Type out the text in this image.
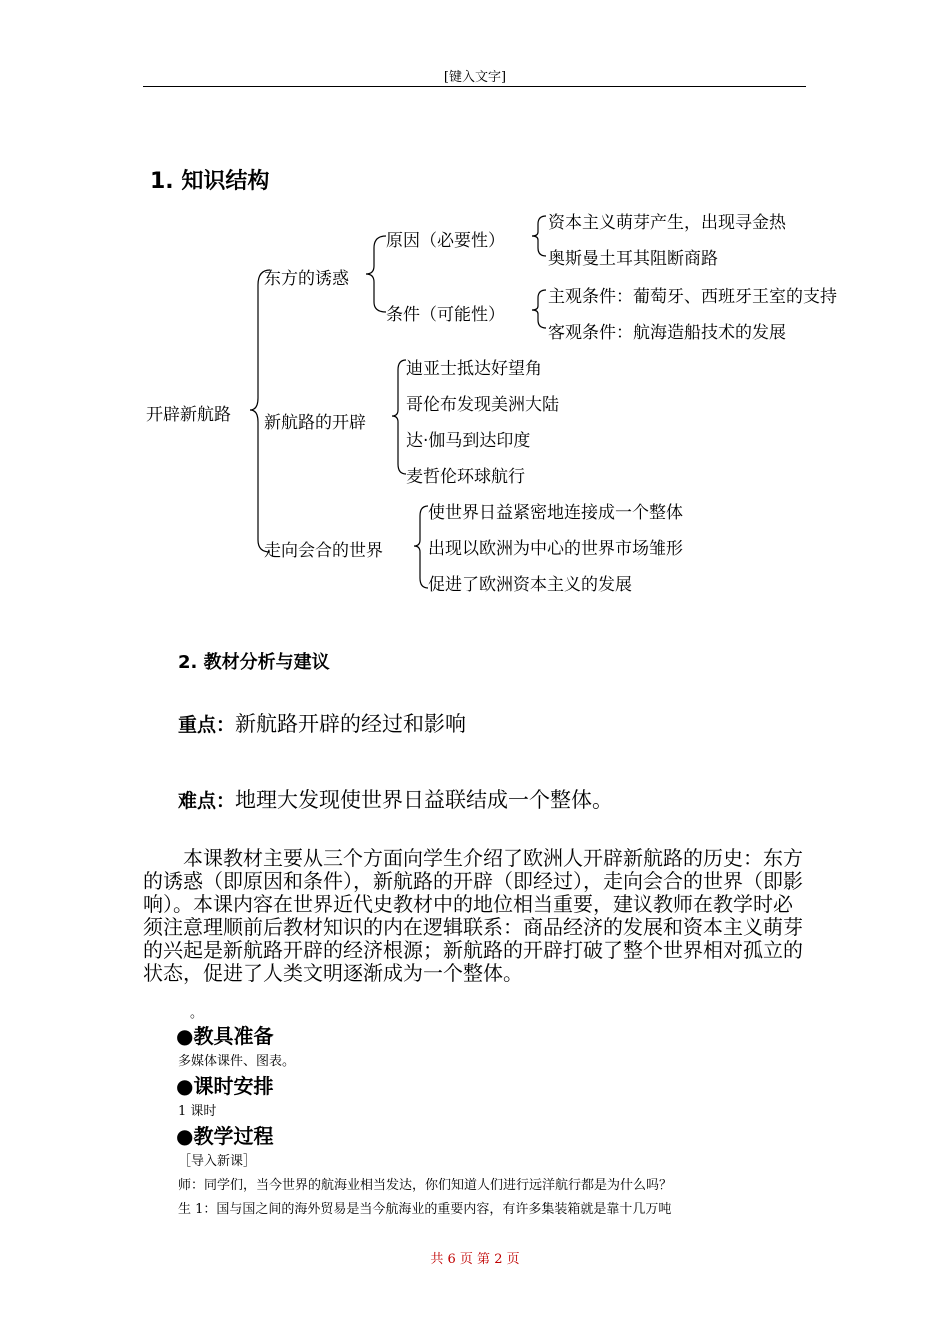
[键入文字]
1. 知识结构
开辟新航路
东方的诱惑
原因（必要性）
资本主义萌芽产生，出现寻金热
奥斯曼土耳其阻断商路
条件（可能性）
主观条件：葡萄牙、西班牙王室的支持
客观条件：航海造船技术的发展
新航路的开辟
迪亚士抵达好望角
哥伦布发现美洲大陆
达·伽马到达印度
麦哲伦环球航行
走向会合的世界
使世界日益紧密地连接成一个整体
出现以欧洲为中心的世界市场雏形
促进了欧洲资本主义的发展
2. 教材分析与建议
重点：新航路开辟的经过和影响
难点：地理大发现使世界日益联结成一个整体。

本课教材主要从三个方面向学生介绍了欧洲人开辟新航路的历史：东方的诱惑（即原因和条件），新航路的开辟（即经过），走向会合的世界（即影响）。本课内容在世界近代史教材中的地位相当重要，建议教师在教学时必须注意理顺前后教材知识的内在逻辑联系：商品经济的发展和资本主义萌芽的兴起是新航路开辟的经济根源；新航路的开辟打破了整个世界相对孤立的状态，促进了人类文明逐渐成为一个整体。

。
●教具准备
多媒体课件、图表。
●课时安排
1 课时
●教学过程
［导入新课］
师：同学们，当今世界的航海业相当发达，你们知道人们进行远洋航行都是为什么吗？
生 1：国与国之间的海外贸易是当今航海业的重要内容，有许多集装箱就是靠十几万吨
共 6 页 第 2 页
